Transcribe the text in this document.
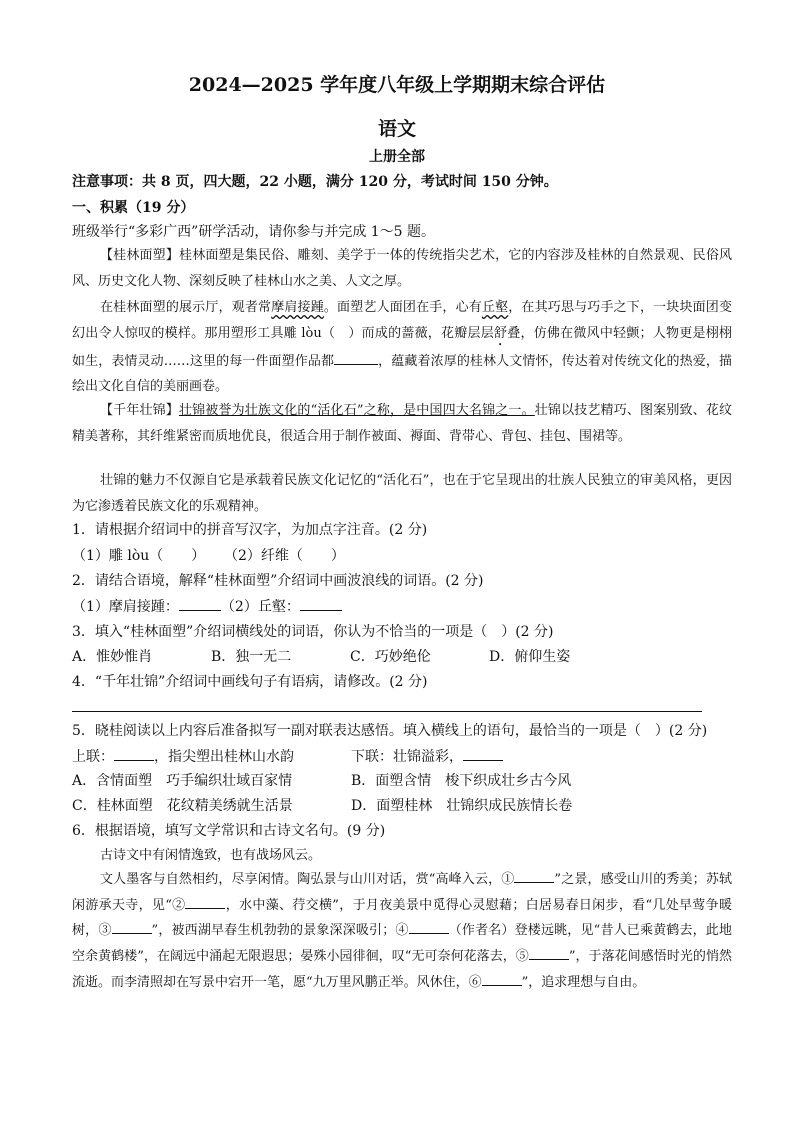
2024—2025 学年度八年级上学期期末综合评估
语文
上册全部
注意事项：共 8 页，四大题，22 小题，满分 120 分，考试时间 150 分钟。
一、积累（19 分）
班级举行“多彩广西”研学活动，请你参与并完成 1～5 题。
【桂林面塑】桂林面塑是集民俗、雕刻、美学于一体的传统指尖艺术，它的内容涉及桂林的自然景观、民俗风风、历史文化人物、深刻反映了桂林山水之美、人文之厚。
在桂林面塑的展示厅，观者常摩肩接踵。面塑艺人面团在手，心有丘壑，在其巧思与巧手之下，一块块面团变幻出令人惊叹的模样。那用塑形工具雕 lòu（　）而成的蔷薇，花瓣层层舒叠，仿佛在微风中轻颤；人物更是栩栩如生，表情灵动……这里的每一件面塑作品都	，蕴藏着浓厚的桂林人文情怀，传达着对传统文化的热爱，描绘出文化自信的美丽画卷。
【千年壮锦】壮锦被誉为壮族文化的“活化石”之称，是中国四大名锦之一。壮锦以技艺精巧、图案别致、花纹精美著称，其纤维紧密而质地优良，很适合用于制作被面、褥面、背带心、背包、挂包、围裙等。
壮锦的魅力不仅源自它是承载着民族文化记忆的“活化石”，也在于它呈现出的壮族人民独立的审美风格，更因为它渗透着民族文化的乐观精神。
1．请根据介绍词中的拼音写汉字，为加点字注音。(2 分)
（1）雕 lòu（　　） （2）纤维（　　）
2．请结合语境，解释“桂林面塑”介绍词中画波浪线的词语。(2 分)
（1）摩肩接踵：	（2）丘壑：
3．填入“桂林面塑”介绍词横线处的词语，你认为不恰当的一项是（　）(2 分)
A．惟妙惟肖	B．独一无二	C．巧妙绝伦	D．俯仰生姿
4．“千年壮锦”介绍词中画线句子有语病，请修改。(2 分)
5．晓桂阅读以上内容后准备拟写一副对联表达感悟。填入横线上的语句，最恰当的一项是（　）(2 分)
上联：	，指尖塑出桂林山水韵	下联：壮锦溢彩，
A．含情面塑　巧手编织壮域百家情	B．面塑含情　梭下织成壮乡古今风
C．桂林面塑　花纹精美绣就生活景	D．面塑桂林　壮锦织成民族情长卷
6．根据语境，填写文学常识和古诗文名句。(9 分)
古诗文中有闲情逸致，也有战场风云。
文人墨客与自然相约，尽享闲情。陶弘景与山川对话，赏“高峰入云，①	”之景，感受山川的秀美；苏轼闲游承天寺，见“②	，水中藻、荇交横”，于月夜美景中觅得心灵慰藉；白居易春日闲步，看“几处早莺争暖树，③	”，被西湖早春生机勃勃的景象深深吸引；④	（作者名）登楼远眺，见“昔人已乘黄鹤去，此地空余黄鹤楼”，在阔远中涌起无限遐思；晏殊小园徘徊，叹“无可奈何花落去，⑤	”，于落花间感悟时光的悄然流逝。而李清照却在写景中宕开一笔，愿“九万里风鹏正举。风休住，⑥	”，追求理想与自由。
